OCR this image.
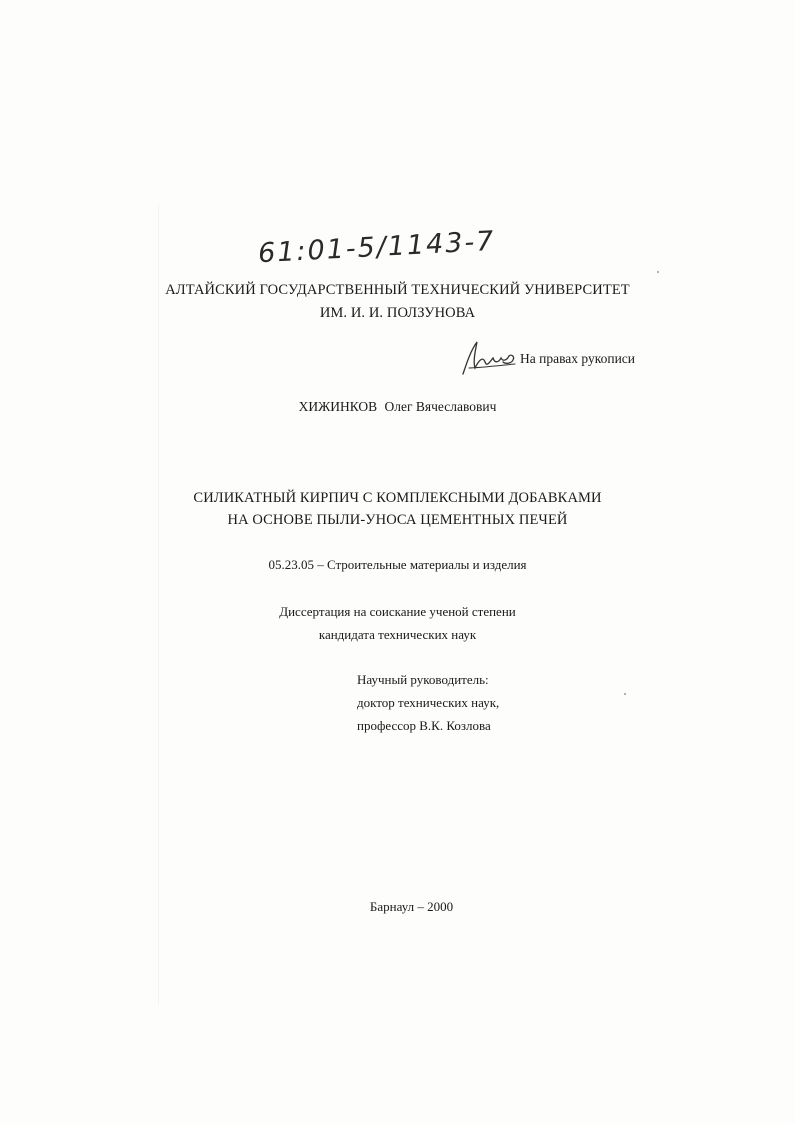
61:01-5/1143-7
АЛТАЙСКИЙ ГОСУДАРСТВЕННЫЙ ТЕХНИЧЕСКИЙ УНИВЕРСИТЕТ
ИМ. И. И. ПОЛЗУНОВА
На правах рукописи
ХИЖИНКОВ Олег Вячеславович
СИЛИКАТНЫЙ КИРПИЧ С КОМПЛЕКСНЫМИ ДОБАВКАМИ
НА ОСНОВЕ ПЫЛИ-УНОСА ЦЕМЕНТНЫХ ПЕЧЕЙ
05.23.05 – Строительные материалы и изделия
Диссертация на соискание ученой степени
кандидата технических наук
Научный руководитель:
доктор технических наук,
профессор В.К. Козлова
Барнаул – 2000
